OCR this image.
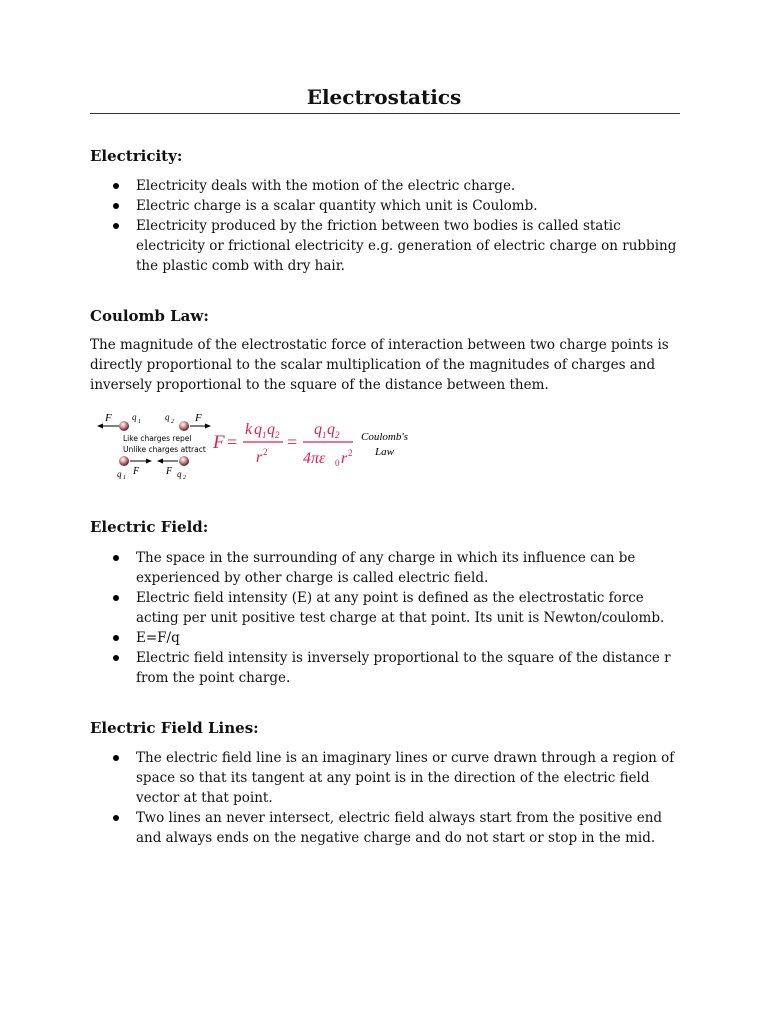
Electrostatics
Electricity:
Electricity deals with the motion of the electric charge.
Electric charge is a scalar quantity which unit is Coulomb.
Electricity produced by the friction between two bodies is called static electricity or frictional electricity e.g. generation of electric charge on rubbing the plastic comb with dry hair.
Coulomb Law:

The magnitude of the electrostatic force of interaction between two charge points is directly proportional to the scalar multiplication of the magnitudes of charges and inversely proportional to the square of the distance between them.

F q 1	q 2 F
Like charges repel
Unlike charges attract
q 1
F	F q 2
F =
k q 1 q 2
r 2 =
q 1 q 2
4πε 0 r 2
Coulomb's
Law
Electric Field:
The space in the surrounding of any charge in which its influence can be experienced by other charge is called electric field.
Electric field intensity (E) at any point is defined as the electrostatic force acting per unit positive test charge at that point. Its unit is Newton/coulomb.
E=F/q
Electric field intensity is inversely proportional to the square of the distance r from the point charge.
Electric Field Lines:
The electric field line is an imaginary lines or curve drawn through a region of space so that its tangent at any point is in the direction of the electric field vector at that point.
Two lines an never intersect, electric field always start from the positive end and always ends on the negative charge and do not start or stop in the mid.
